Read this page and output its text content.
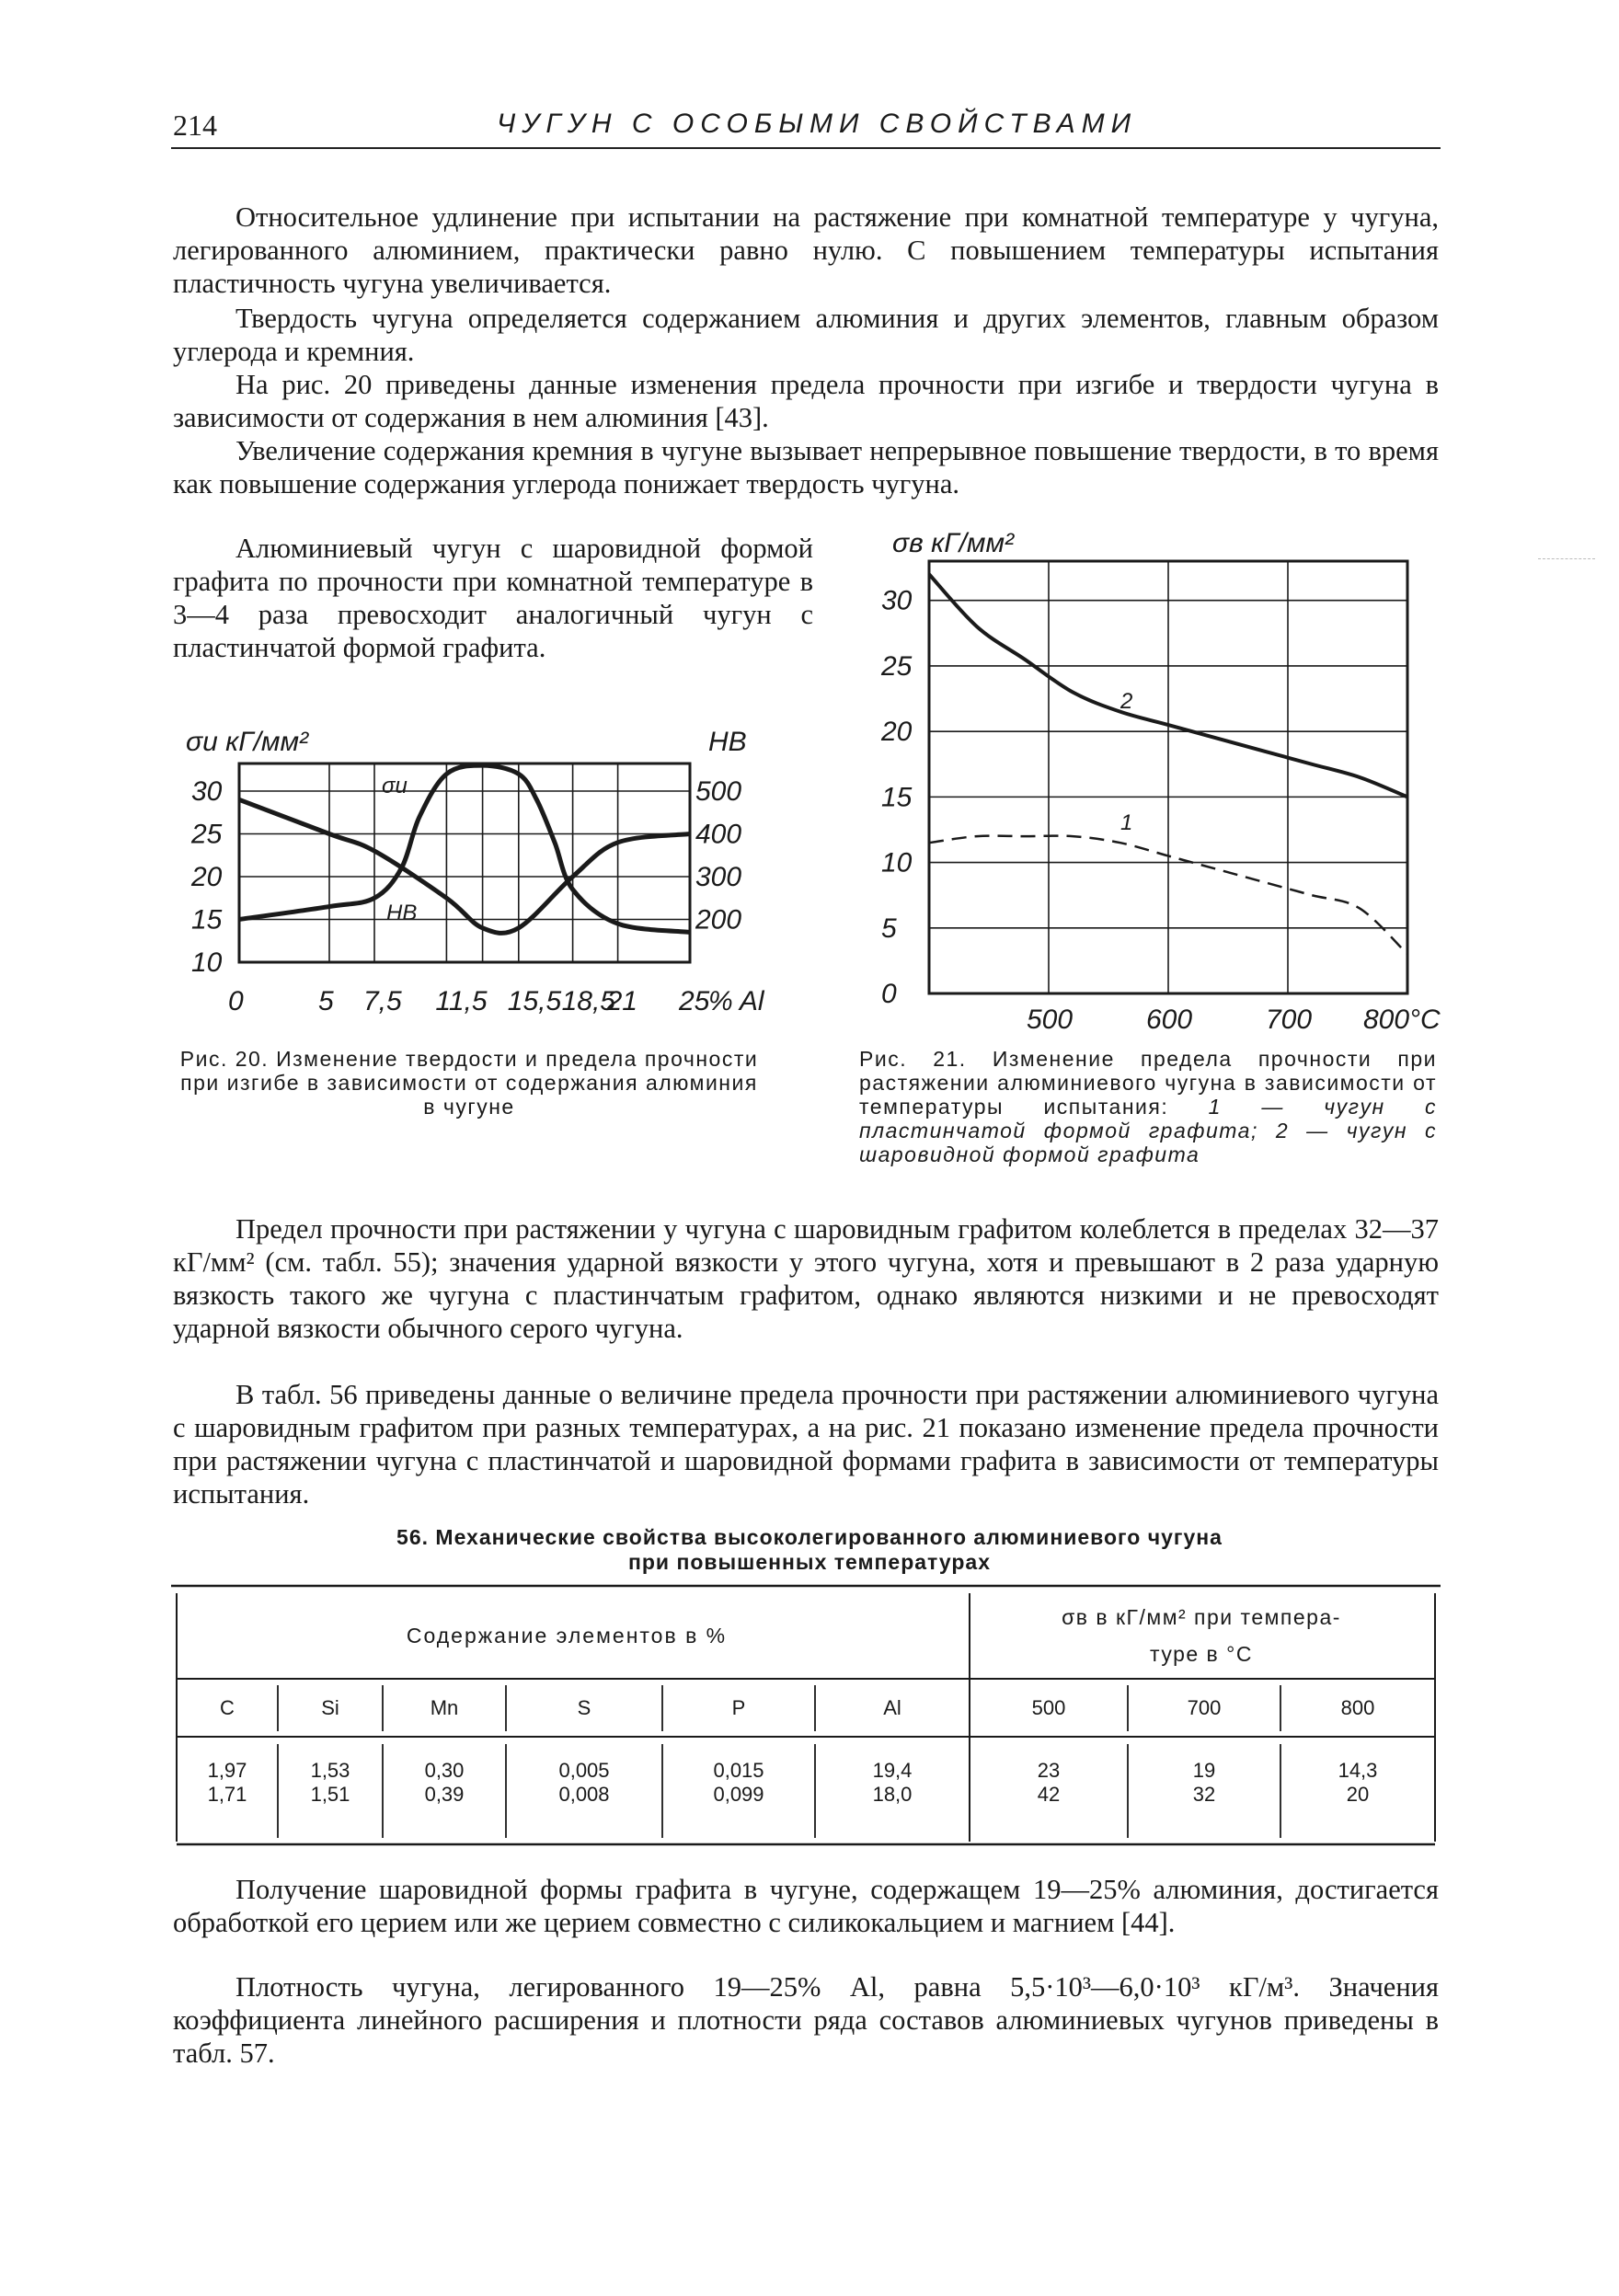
214	ЧУГУН С ОСОБЫМИ СВОЙСТВАМИ

Относительное удлинение при испытании на растяжение при комнатной температуре у чугуна, легированного алюминием, практически равно нулю. С повышением температуры испытания пластичность чугуна увеличивается.

Твердость чугуна определяется содержанием алюминия и других элементов, главным образом углерода и кремния.

На рис. 20 приведены данные изменения предела прочности при изгибе и твердости чугуна в зависимости от содержания в нем алюминия [43].

Увеличение содержания кремния в чугуне вызывает непрерывное повышение твердости, в то время как повышение содержания углерода понижает твердость чугуна.

Алюминиевый чугун с шаровидной формой графита по прочности при комнатной температуре в 3—4 раза превосходит аналогичный чугун с пластинчатой формой графита.

σи кГ/мм²	HB
30
25
20
15
10
500
400
300
200
0	5 7,5 11,5 15,5 18,5
21 25
σи
HB
% Al
Рис. 20. Изменение твердости и предела прочности при изгибе в зависимости от содержания алюминия в чугуне
σв кГ/мм²
30
25
20
15
10
5
0
500	600	700 800°C
2
1
Рис. 21. Изменение предела прочности при растяжении алюминиевого чугуна в зависимости от температуры испытания: 1 — чугун с пластинчатой формой графита; 2 — чугун с шаровидной формой графита

Предел прочности при растяжении у чугуна с шаровидным графитом колеблется в пределах 32—37 кГ/мм² (см. табл. 55); значения ударной вязкости у этого чугуна, хотя и превышают в 2 раза ударную вязкость такого же чугуна с пластинчатым графитом, однако являются низкими и не превосходят ударной вязкости обычного серого чугуна.

В табл. 56 приведены данные о величине предела прочности при растяжении алюминиевого чугуна с шаровидным графитом при разных температурах, а на рис. 21 показано изменение предела прочности при растяжении чугуна с пластинчатой и шаровидной формами графита в зависимости от температуры испытания.

56. Механические свойства высоколегированного алюминиевого чугуна
при повышенных температурах
Содержание элементов в %
σв в кГ/мм² при темпера-
туре в °С
C	Si	Mn	S	P	Al	500	700	800
1,97	1,53	0,30	0,005	0,015	19,4	23	19	14,3
1,71	1,51	0,39	0,008	0,099	18,0	42	32	20

Получение шаровидной формы графита в чугуне, содержащем 19—25% алюминия, достигается обработкой его церием или же церием совместно с силикокальцием и магнием [44].

Плотность чугуна, легированного 19—25% Al, равна 5,5·10³—6,0·10³ кГ/м³. Значения коэффициента линейного расширения и плотности ряда составов алюминиевых чугунов приведены в табл. 57.
